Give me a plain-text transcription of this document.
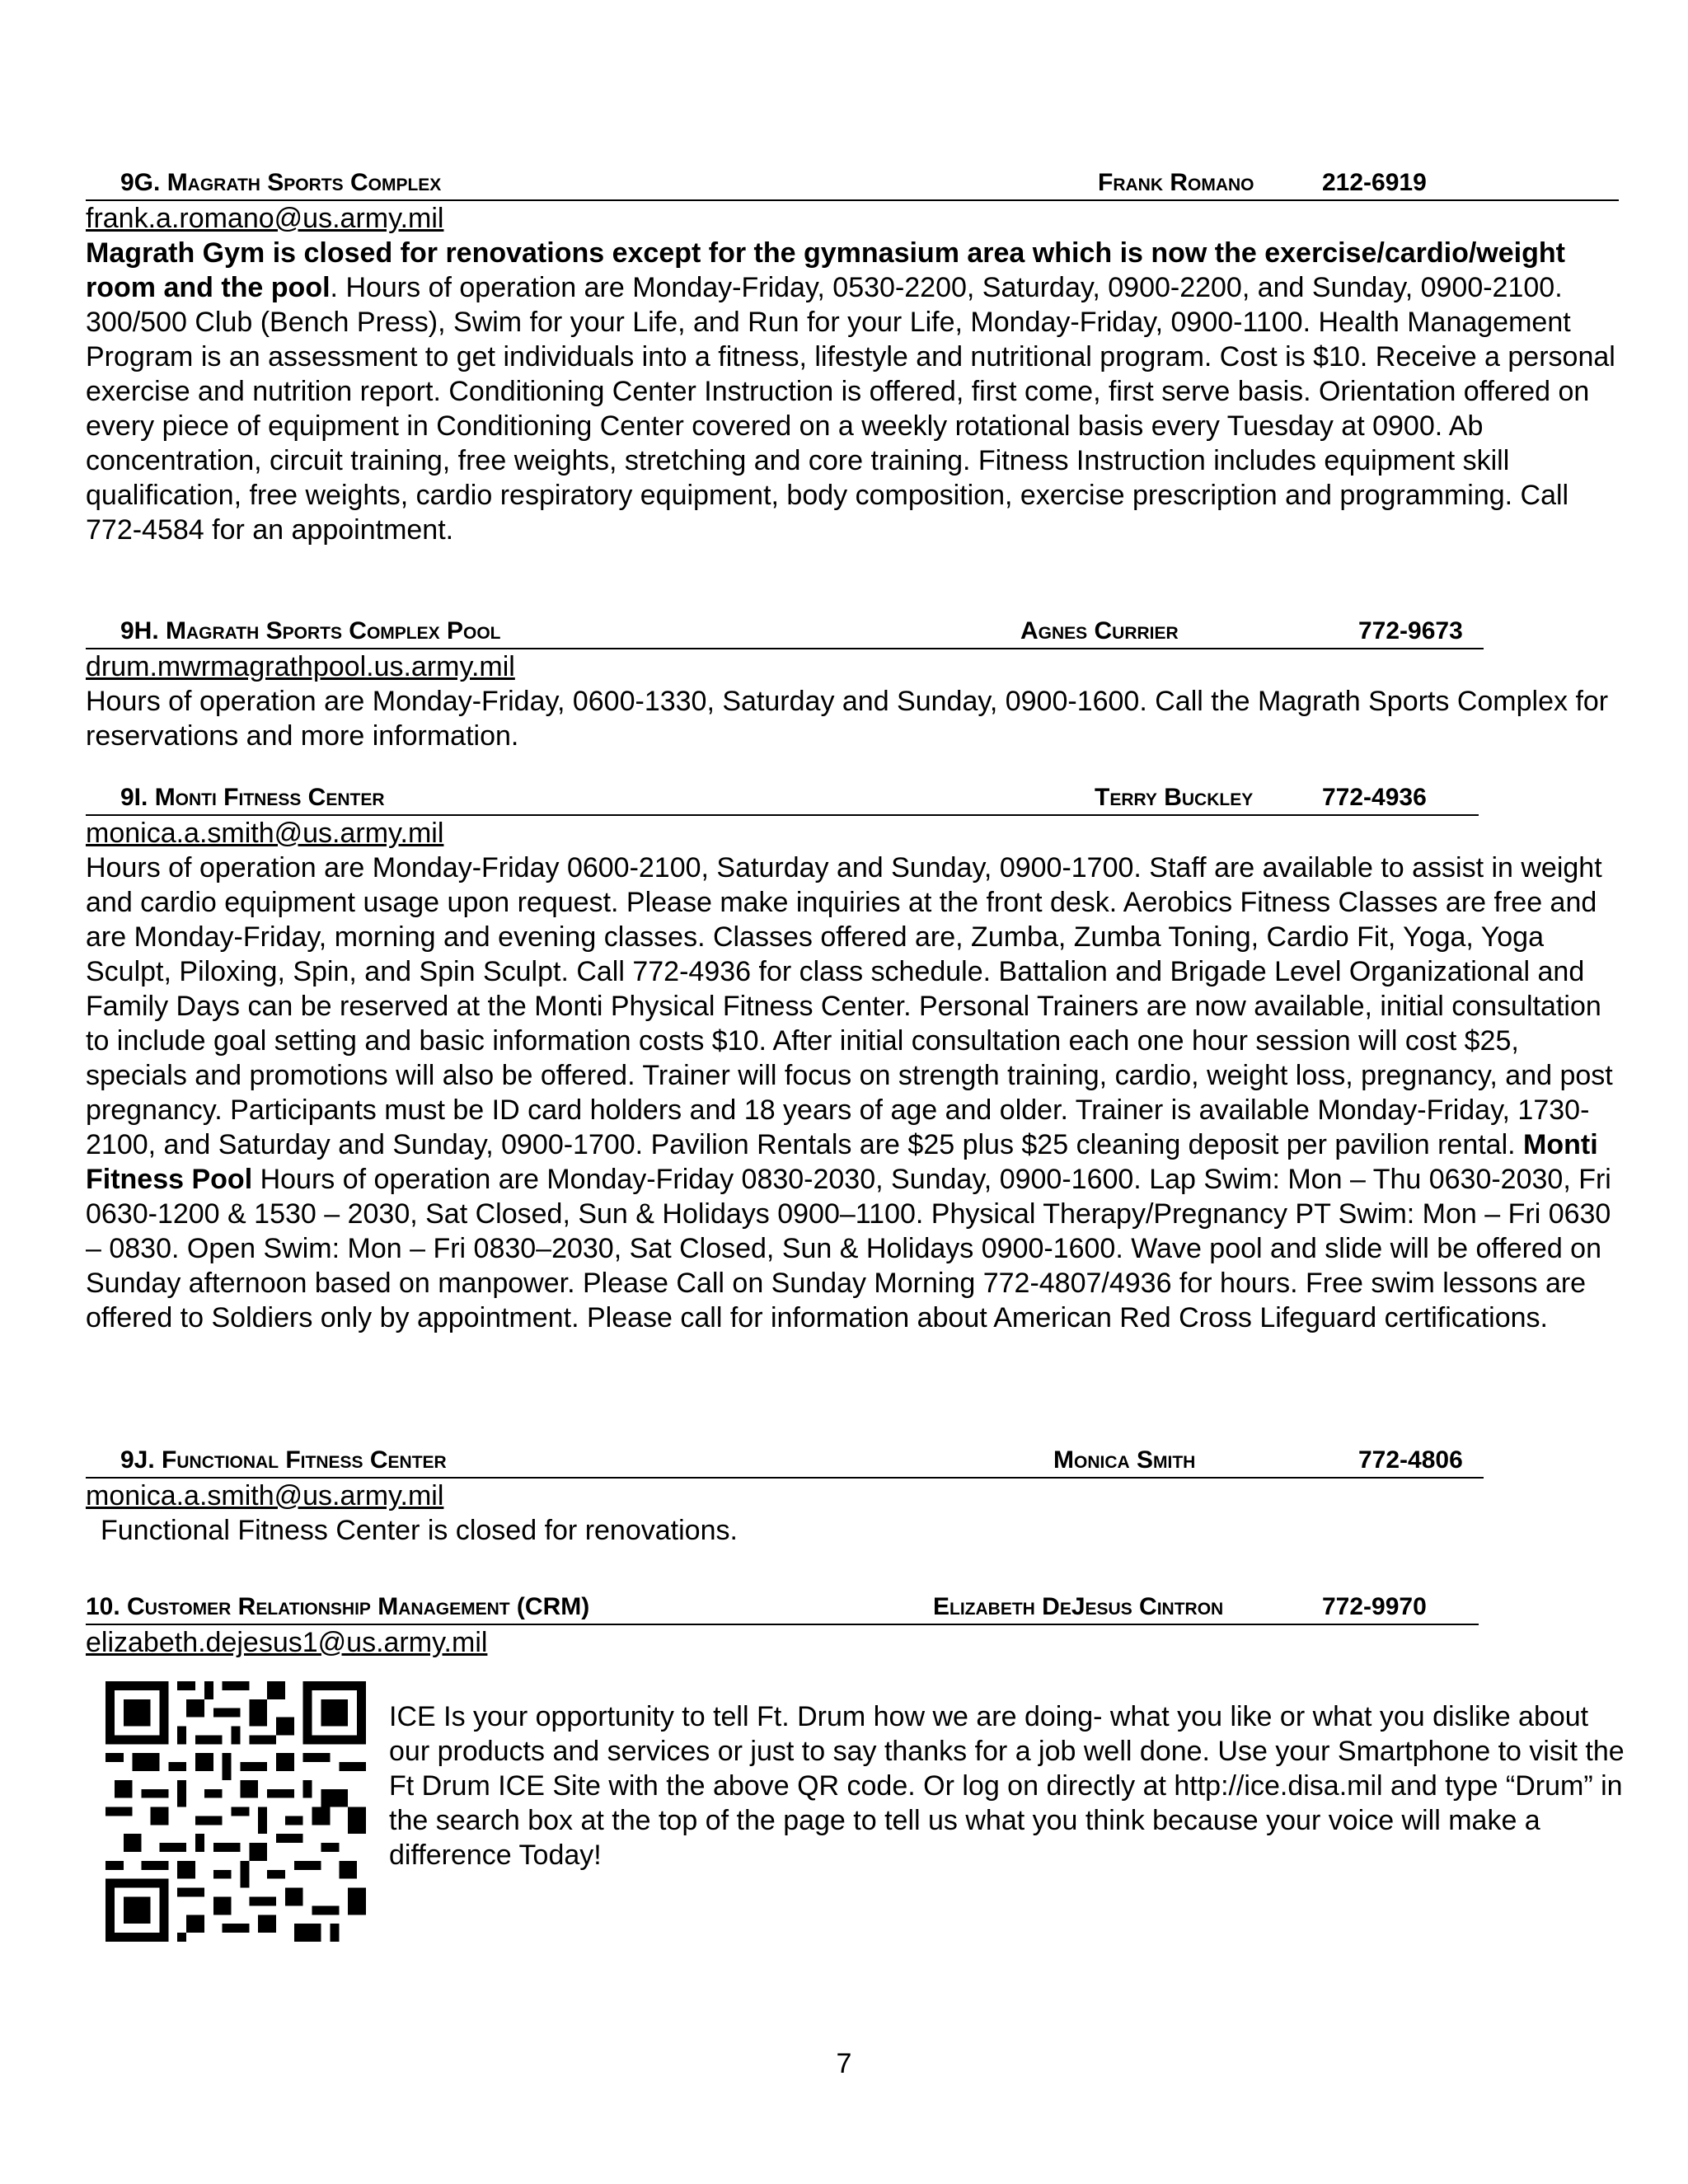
9G. Magrath Sports Complex	Frank Romano	212-6919
frank.a.romano@us.army.mil

Magrath Gym is closed for renovations except for the gymnasium area which is now the exercise/cardio/weight room and the pool. Hours of operation are Monday-Friday, 0530-2200, Saturday, 0900-2200, and Sunday, 0900-2100. 300/500 Club (Bench Press), Swim for your Life, and Run for your Life, Monday-Friday, 0900-1100. Health Management Program is an assessment to get individuals into a fitness, lifestyle and nutritional program. Cost is $10. Receive a personal exercise and nutrition report. Conditioning Center Instruction is offered, first come, first serve basis. Orientation offered on every piece of equipment in Conditioning Center covered on a weekly rotational basis every Tuesday at 0900. Ab concentration, circuit training, free weights, stretching and core training. Fitness Instruction includes equipment skill qualification, free weights, cardio respiratory equipment, body composition, exercise prescription and programming. Call 772-4584 for an appointment.

9H. Magrath Sports Complex Pool	Agnes Currier	772-9673
drum.mwrmagrathpool.us.army.mil

Hours of operation are Monday-Friday, 0600-1330, Saturday and Sunday, 0900-1600. Call the Magrath Sports Complex for reservations and more information.

9I. Monti Fitness Center	Terry Buckley	772-4936
monica.a.smith@us.army.mil

Hours of operation are Monday-Friday 0600-2100, Saturday and Sunday, 0900-1700. Staff are available to assist in weight and cardio equipment usage upon request. Please make inquiries at the front desk. Aerobics Fitness Classes are free and are Monday-Friday, morning and evening classes. Classes offered are, Zumba, Zumba Toning, Cardio Fit, Yoga, Yoga Sculpt, Piloxing, Spin, and Spin Sculpt. Call 772-4936 for class schedule. Battalion and Brigade Level Organizational and Family Days can be reserved at the Monti Physical Fitness Center. Personal Trainers are now available, initial consultation to include goal setting and basic information costs $10. After initial consultation each one hour session will cost $25, specials and promotions will also be offered. Trainer will focus on strength training, cardio, weight loss, pregnancy, and post pregnancy. Participants must be ID card holders and 18 years of age and older. Trainer is available Monday-Friday, 1730-2100, and Saturday and Sunday, 0900-1700. Pavilion Rentals are $25 plus $25 cleaning deposit per pavilion rental. Monti Fitness Pool Hours of operation are Monday-Friday 0830-2030, Sunday, 0900-1600. Lap Swim: Mon – Thu 0630-2030, Fri 0630-1200 & 1530 – 2030, Sat Closed, Sun & Holidays 0900–1100. Physical Therapy/Pregnancy PT Swim: Mon – Fri 0630 – 0830. Open Swim: Mon – Fri 0830–2030, Sat Closed, Sun & Holidays 0900-1600. Wave pool and slide will be offered on Sunday afternoon based on manpower. Please Call on Sunday Morning 772-4807/4936 for hours. Free swim lessons are offered to Soldiers only by appointment. Please call for information about American Red Cross Lifeguard certifications.

9J. Functional Fitness Center	Monica Smith	772-4806
monica.a.smith@us.army.mil

Functional Fitness Center is closed for renovations.

10. Customer Relationship Management (CRM)	Elizabeth DeJesus Cintron	772-9970
elizabeth.dejesus1@us.army.mil

ICE Is your opportunity to tell Ft. Drum how we are doing- what you like or what you dislike about our products and services or just to say thanks for a job well done. Use your Smartphone to visit the Ft Drum ICE Site with the above QR code. Or log on directly at http://ice.disa.mil and type “Drum” in the search box at the top of the page to tell us what you think because your voice will make a difference Today!

7
